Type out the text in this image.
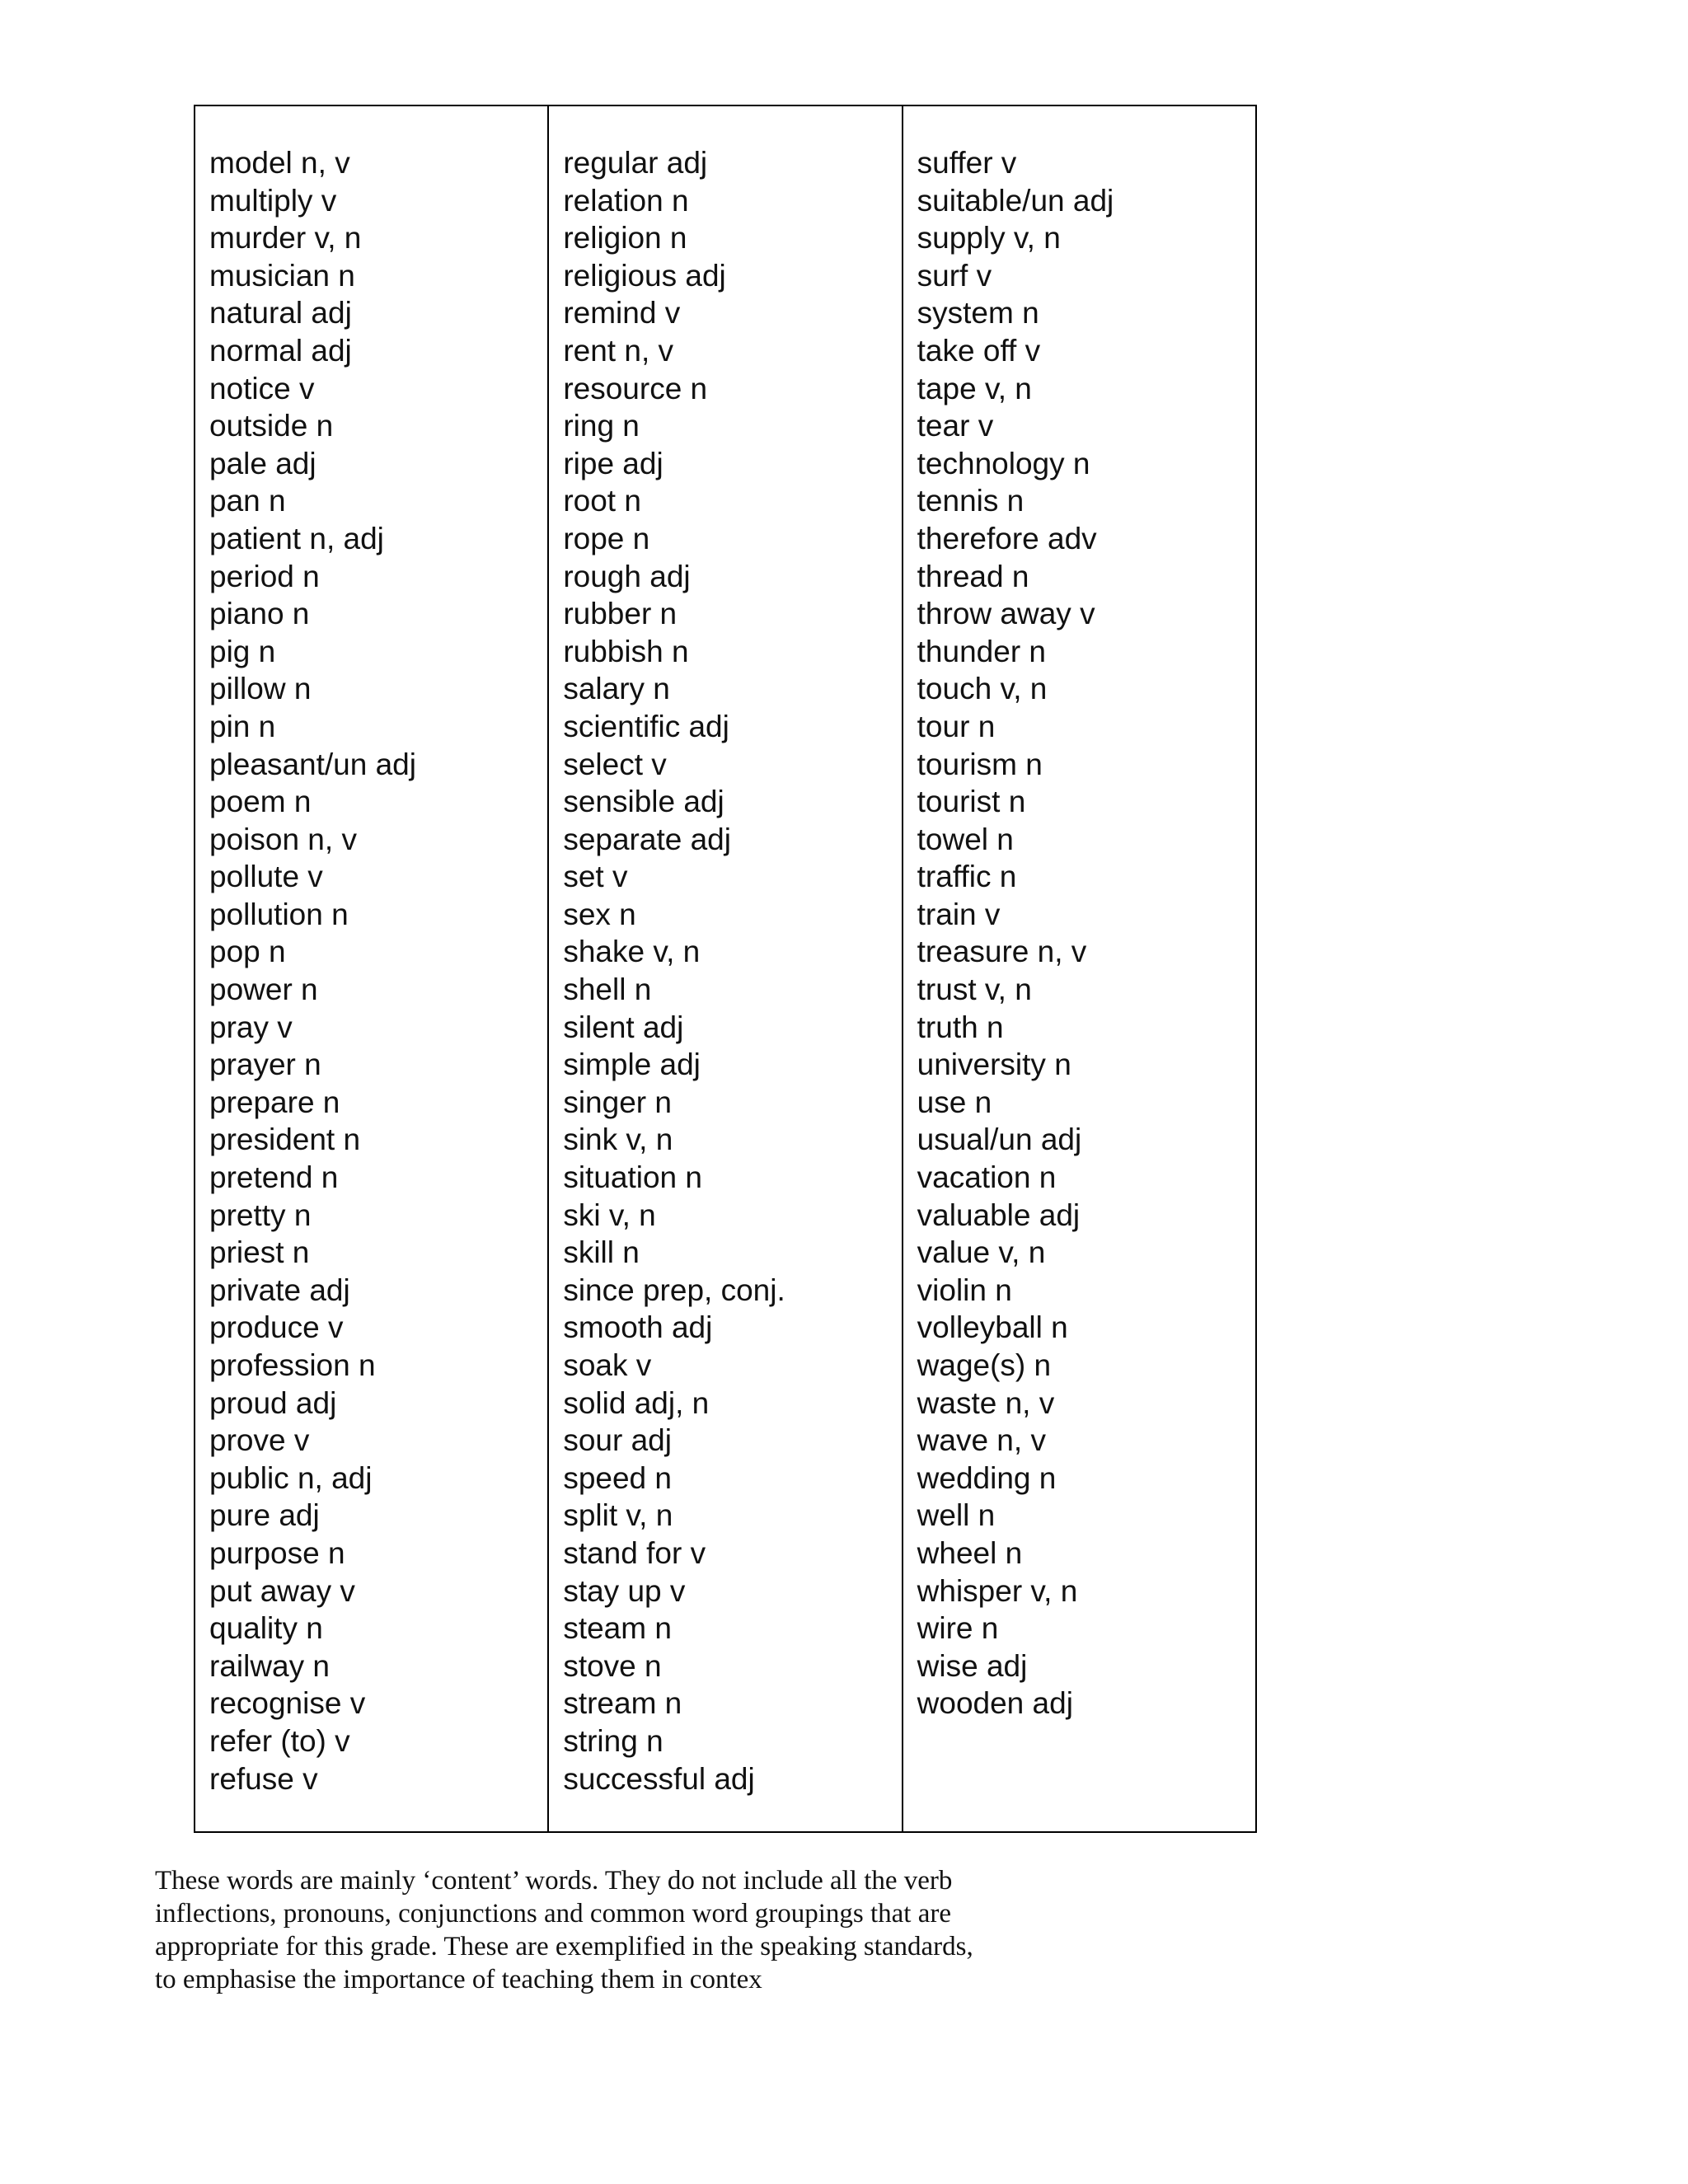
model n, v
multiply v
murder v, n
musician n
natural adj
normal adj
notice v
outside n
pale adj
pan n
patient n, adj
period n
piano n
pig n
pillow n
pin n
pleasant/un adj
poem n
poison n, v
pollute v
pollution n
pop n
power n
pray v
prayer n
prepare n
president n
pretend n
pretty n
priest n
private adj
produce v
profession n
proud adj
prove v
public n, adj
pure adj
purpose n
put away v
quality n
railway n
recognise v
refer (to) v
refuse v
regular adj
relation n
religion n
religious adj
remind v
rent n, v
resource n
ring n
ripe adj
root n
rope n
rough adj
rubber n
rubbish n
salary n
scientific adj
select v
sensible adj
separate adj
set v
sex n
shake v, n
shell n
silent adj
simple adj
singer n
sink v, n
situation n
ski v, n
skill n
since prep, conj.
smooth adj
soak v
solid adj, n
sour adj
speed n
split v, n
stand for v
stay up v
steam n
stove n
stream n
string n
successful adj
suffer v
suitable/un adj
supply v, n
surf v
system n
take off v
tape v, n
tear v
technology n
tennis n
therefore adv
thread n
throw away v
thunder n
touch v, n
tour n
tourism n
tourist n
towel n
traffic n
train v
treasure n, v
trust v, n
truth n
university n
use n
usual/un adj
vacation n
valuable adj
value v, n
violin n
volleyball n
wage(s) n
waste n, v
wave n, v
wedding n
well n
wheel n
whisper v, n
wire n
wise adj
wooden adj

These words are mainly ‘content’ words. They do not include all the verb
inflections, pronouns, conjunctions and common word groupings that are
appropriate for this grade. These are exemplified in the speaking standards,
to emphasise the importance of teaching them in contex
